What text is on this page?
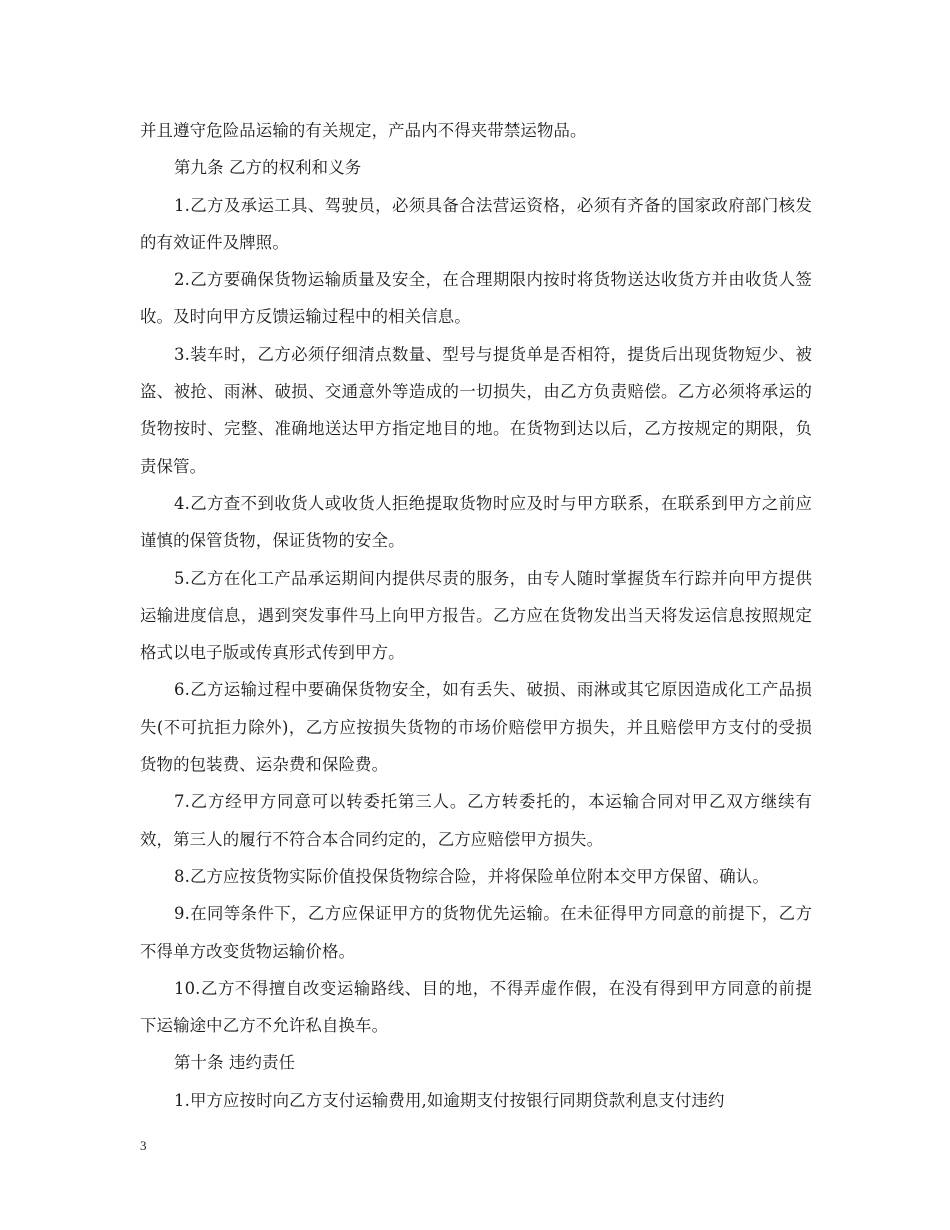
并且遵守危险品运输的有关规定，产品内不得夹带禁运物品。

第九条 乙方的权利和义务

1.乙方及承运工具、驾驶员，必须具备合法营运资格，必须有齐备的国家政府部门核发的有效证件及牌照。

2.乙方要确保货物运输质量及安全，在合理期限内按时将货物送达收货方并由收货人签收。及时向甲方反馈运输过程中的相关信息。

3.装车时，乙方必须仔细清点数量、型号与提货单是否相符，提货后出现货物短少、被盗、被抢、雨淋、破损、交通意外等造成的一切损失，由乙方负责赔偿。乙方必须将承运的货物按时、完整、准确地送达甲方指定地目的地。在货物到达以后，乙方按规定的期限，负责保管。

4.乙方查不到收货人或收货人拒绝提取货物时应及时与甲方联系，在联系到甲方之前应谨慎的保管货物，保证货物的安全。

5.乙方在化工产品承运期间内提供尽责的服务，由专人随时掌握货车行踪并向甲方提供运输进度信息，遇到突发事件马上向甲方报告。乙方应在货物发出当天将发运信息按照规定格式以电子版或传真形式传到甲方。

6.乙方运输过程中要确保货物安全，如有丢失、破损、雨淋或其它原因造成化工产品损失(不可抗拒力除外)，乙方应按损失货物的市场价赔偿甲方损失，并且赔偿甲方支付的受损货物的包装费、运杂费和保险费。

7.乙方经甲方同意可以转委托第三人。乙方转委托的，本运输合同对甲乙双方继续有效，第三人的履行不符合本合同约定的，乙方应赔偿甲方损失。

8.乙方应按货物实际价值投保货物综合险，并将保险单位附本交甲方保留、确认。

9.在同等条件下，乙方应保证甲方的货物优先运输。在未征得甲方同意的前提下，乙方不得单方改变货物运输价格。

10.乙方不得擅自改变运输路线、目的地，不得弄虚作假，在没有得到甲方同意的前提下运输途中乙方不允许私自换车。

第十条 违约责任

1.甲方应按时向乙方支付运输费用,如逾期支付按银行同期贷款利息支付违约

3
